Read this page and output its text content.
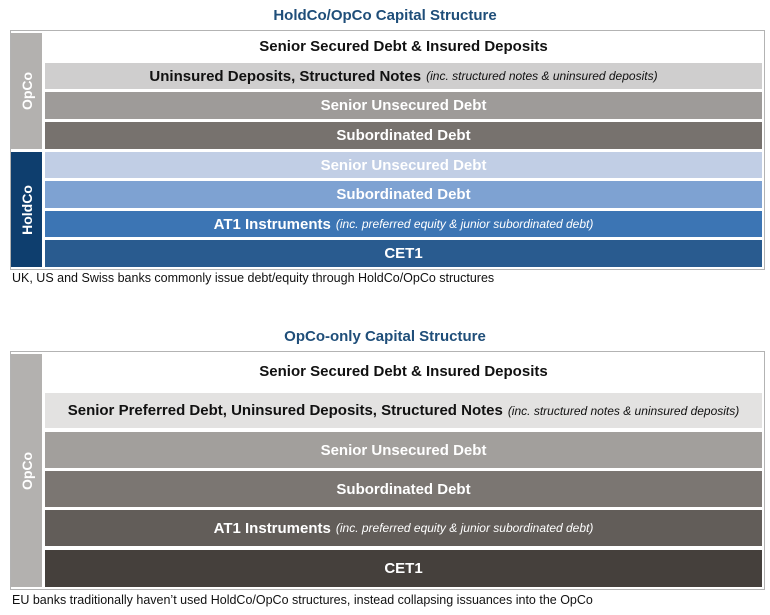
HoldCo/OpCo Capital Structure
OpCo
HoldCo
Senior Secured Debt & Insured Deposits
Uninsured Deposits, Structured Notes (inc. structured notes & uninsured deposits)
Senior Unsecured Debt
Subordinated Debt
Senior Unsecured Debt
Subordinated Debt
AT1 Instruments (inc. preferred equity & junior subordinated debt)
CET1
UK, US and Swiss banks commonly issue debt/equity through HoldCo/OpCo structures
OpCo-only Capital Structure
OpCo
Senior Secured Debt & Insured Deposits
Senior Preferred Debt, Uninsured Deposits, Structured Notes (inc. structured notes & uninsured deposits)
Senior Unsecured Debt
Subordinated Debt
AT1 Instruments (inc. preferred equity & junior subordinated debt)
CET1
EU banks traditionally haven’t used HoldCo/OpCo structures, instead collapsing issuances into the OpCo
